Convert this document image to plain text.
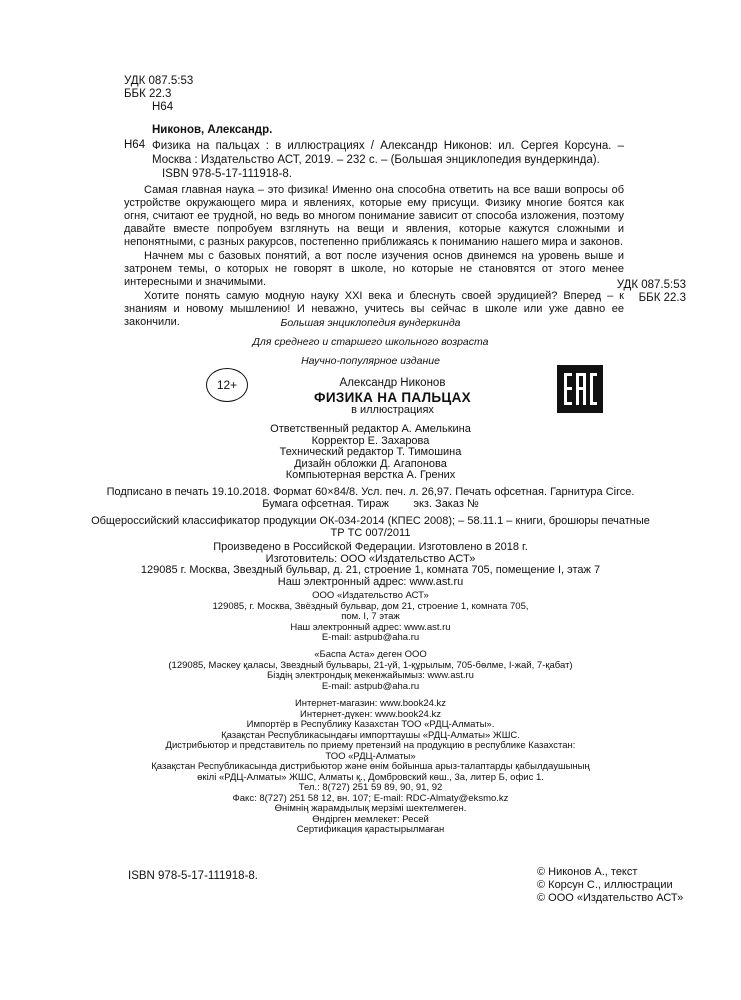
УДК 087.5:53
ББК 22.3
Н64
Никонов, Александр.
Н64 Физика на пальцах : в иллюстрациях / Александр Никонов: ил. Сергея Корсуна. – Москва : Издательство АСТ, 2019. – 232 с. – (Большая энциклопедия вундеркинда).
ISBN 978-5-17-111918-8.

Самая главная наука – это физика! Именно она способна ответить на все ваши вопросы об устройстве окружающего мира и явлениях, которые ему присущи. Физику многие боятся как огня, считают ее трудной, но ведь во многом понимание зависит от способа изложения, поэтому давайте вместе попробуем взглянуть на вещи и явления, которые кажутся сложными и непонятными, с разных ракурсов, постепенно приближаясь к пониманию нашего мира и законов.

Начнем мы с базовых понятий, а вот после изучения основ двинемся на уровень выше и затронем темы, о которых не говорят в школе, но которые не становятся от этого менее интересными и значимыми.

Хотите понять самую модную науку XXI века и блеснуть своей эрудицией? Вперед – к знаниям и новому мышлению! И неважно, учитесь вы сейчас в школе или уже давно ее закончили.

УДК 087.5:53
ББК 22.3
Большая энциклопедия вундеркинда
Для среднего и старшего школьного возраста
Научно-популярное издание
12+	Александр Никонов
ФИЗИКА НА ПАЛЬЦАХ
в иллюстрациях
Ответственный редактор А. Амелькина
Корректор Е. Захарова
Технический редактор Т. Тимошина
Дизайн обложки Д. Агапонова
Компьютерная верстка А. Грених
Подписано в печать 19.10.2018. Формат 60×84/8. Усл. печ. л. 26,97. Печать офсетная. Гарнитура Circe.
Бумага офсетная. Тираж        экз. Заказ №
Общероссийский классификатор продукции ОК-034-2014 (КПЕС 2008); – 58.11.1 – книги, брошюры печатные
ТР ТС 007/2011
Произведено в Российской Федерации. Изготовлено в 2018 г.
Изготовитель: ООО «Издательство АСТ»
129085 г. Москва, Звездный бульвар, д. 21, строение 1, комната 705, помещение I, этаж 7
Наш электронный адрес: www.ast.ru
ООО «Издательство АСТ»
129085, г. Москва, Звёздный бульвар, дом 21, строение 1, комната 705,
пом. I, 7 этаж
Наш электронный адрес: www.ast.ru
E-mail: astpub@aha.ru
«Баспа Аста» деген ООО
(129085, Мәскеу қаласы, Звездный бульвары, 21-үй, 1-құрылым, 705-бөлме, I-жай, 7-қабат)
Біздің электрондық мекенжайымыз: www.ast.ru
E-mail: astpub@aha.ru
Интернет-магазин: www.book24.kz
Интернет-дүкен: www.book24.kz
Импортёр в Республику Казахстан ТОО «РДЦ-Алматы».
Қазақстан Республикасындағы импорттаушы «РДЦ-Алматы» ЖШС.
Дистрибьютор и представитель по приему претензий на продукцию в республике Казахстан:
ТОО «РДЦ-Алматы»
Қазақстан Республикасында дистрибьютор және өнім бойынша арыз-талаптарды қабылдаушының
өкілі «РДЦ-Алматы» ЖШС, Алматы қ., Домбровский көш., 3а, литер Б, офис 1.
Тел.: 8(727) 251 59 89, 90, 91, 92
Факс: 8(727) 251 58 12, вн. 107; E-mail: RDC-Almaty@eksmo.kz
Өнімнің жарамдылық мерзімі шектелмеген.
Өндірген мемлекет: Ресей
Сертификация қарастырылмаған
ISBN 978-5-17-111918-8.	© Никонов А., текст
© Корсун С., иллюстрации
© ООО «Издательство АСТ»
